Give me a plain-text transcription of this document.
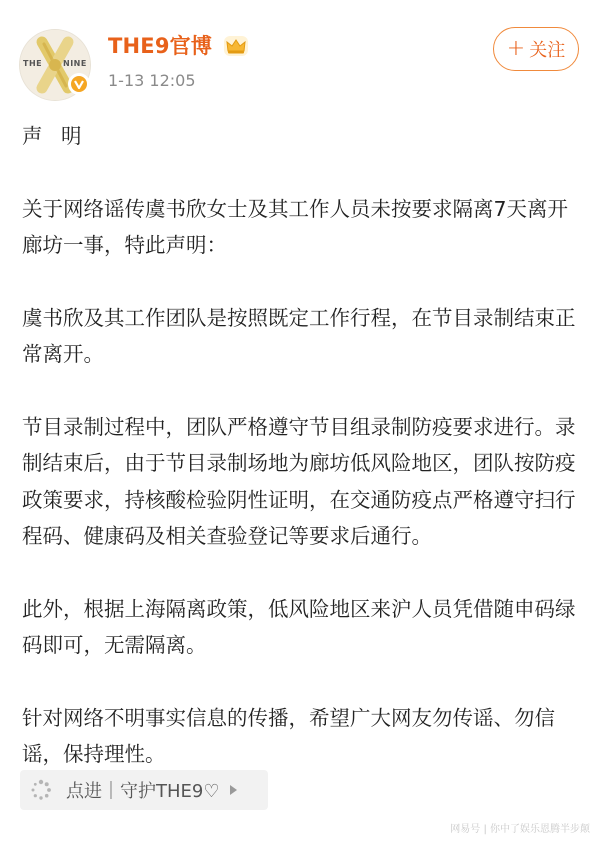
THE	NINE
THE9官博
1-13 12:05
+ 关注

声 明

关于网络谣传虞书欣女士及其工作人员未按要求隔离7天离开廊坊一事，特此声明：

虞书欣及其工作团队是按照既定工作行程，在节目录制结束正常离开。

节目录制过程中，团队严格遵守节目组录制防疫要求进行。录制结束后，由于节目录制场地为廊坊低风险地区，团队按防疫政策要求，持核酸检验阴性证明，在交通防疫点严格遵守扫行程码、健康码及相关查验登记等要求后通行。

此外，根据上海隔离政策，低风险地区来沪人员凭借随申码绿码即可，无需隔离。

针对网络不明事实信息的传播，希望广大网友勿传谣、勿信谣，保持理性。

点进｜守护THE9♡
网易号 | 你中了娱乐恩腾半步颠
